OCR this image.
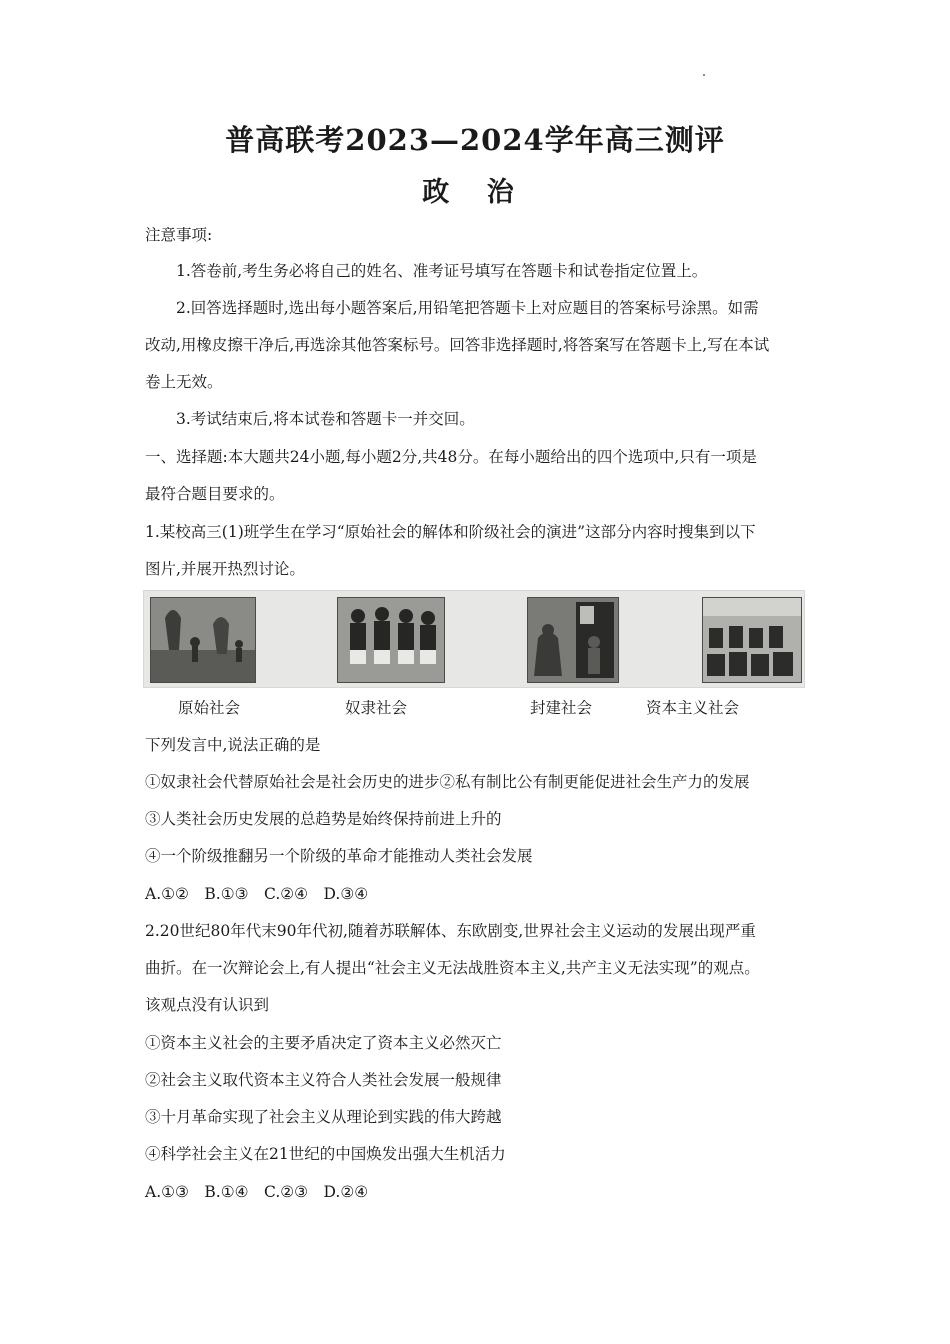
普高联考2023—2024学年高三测评
政 治
注意事项:
1.答卷前,考生务必将自己的姓名、准考证号填写在答题卡和试卷指定位置上。
2.回答选择题时,选出每小题答案后,用铅笔把答题卡上对应题目的答案标号涂黑。如需
改动,用橡皮擦干净后,再选涂其他答案标号。回答非选择题时,将答案写在答题卡上,写在本试
卷上无效。
3.考试结束后,将本试卷和答题卡一并交回。
一、选择题:本大题共24小题,每小题2分,共48分。在每小题给出的四个选项中,只有一项是
最符合题目要求的。
1.某校高三(1)班学生在学习“原始社会的解体和阶级社会的演进”这部分内容时搜集到以下
图片,并展开热烈讨论。
原始社会	奴隶社会	封建社会	资本主义社会
下列发言中,说法正确的是
①奴隶社会代替原始社会是社会历史的进步②私有制比公有制更能促进社会生产力的发展
③人类社会历史发展的总趋势是始终保持前进上升的
④一个阶级推翻另一个阶级的革命才能推动人类社会发展
A.①②　B.①③　C.②④　D.③④
2.20世纪80年代末90年代初,随着苏联解体、东欧剧变,世界社会主义运动的发展出现严重
曲折。在一次辩论会上,有人提出“社会主义无法战胜资本主义,共产主义无法实现”的观点。
该观点没有认识到
①资本主义社会的主要矛盾决定了资本主义必然灭亡
②社会主义取代资本主义符合人类社会发展一般规律
③十月革命实现了社会主义从理论到实践的伟大跨越
④科学社会主义在21世纪的中国焕发出强大生机活力
A.①③　B.①④　C.②③　D.②④
